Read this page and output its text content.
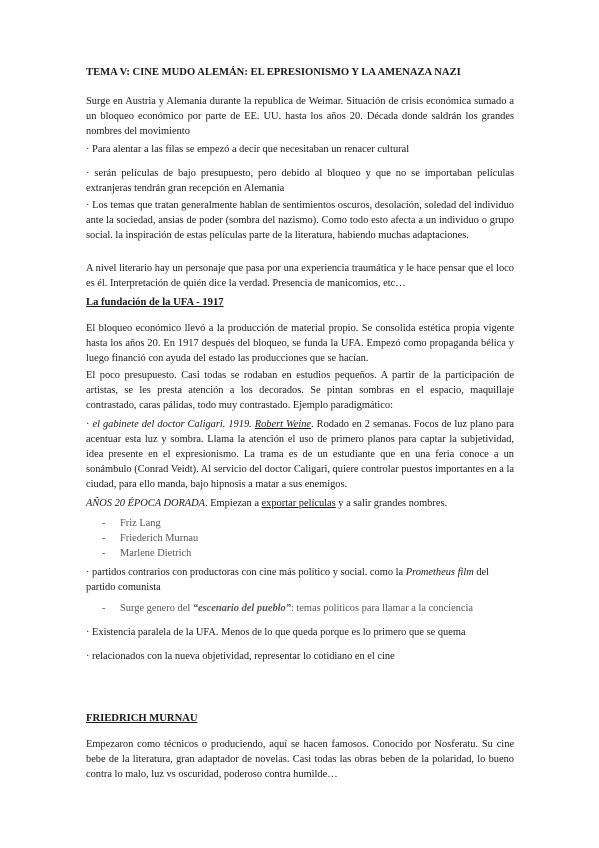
TEMA V: CINE MUDO ALEMÁN: EL EPRESIONISMO Y LA AMENAZA NAZI

Surge en Austria y Alemania durante la republica de Weimar. Situación de crisis económica sumado a un bloqueo económico por parte de EE. UU. hasta los años 20. Década donde saldrán los grandes nombres del movimiento

· Para alentar a las filas se empezó a decir que necesitaban un renacer cultural

· serán películas de bajo presupuesto, pero debido al bloqueo y que no se importaban películas extranjeras tendrán gran recepción en Alemania

· Los temas que tratan generalmente hablan de sentimientos oscuros, desolación, soledad del individuo ante la sociedad, ansias de poder (sombra del nazismo). Como todo esto afecta a un individuo o grupo social. la inspiración de estas películas parte de la literatura, habiendo muchas adaptaciones.

A nivel literario hay un personaje que pasa por una experiencia traumática y le hace pensar que el loco es él. Interpretación de quién dice la verdad. Presencia de manicomios, etc…

La fundación de la UFA - 1917

El bloqueo económico llevó a la producción de material propio. Se consolida estética propia vigente hasta los años 20. En 1917 después del bloqueo, se funda la UFA. Empezó como propaganda bélica y luego financió con ayuda del estado las producciones que se hacían.

El poco presupuesto. Casi todas se rodaban en estudios pequeños. A partir de la participación de artistas, se les presta atención a los decorados. Se pintan sombras en el espacio, maquillaje contrastado, caras pálidas, todo muy contrastado. Ejemplo paradigmático:

· el gabinete del doctor Caligari. 1919. Robert Weine. Rodado en 2 semanas. Focos de luz plano para acentuar esta luz y sombra. Llama la atención el uso de primero planos para captar la subjetividad, idea presente en el expresionismo. La trama es de un estudiante que en una feria conoce a un sonámbulo (Conrad Veidt). Al servicio del doctor Caligari, quiere controlar puestos importantes en a la ciudad, para ello manda, bajo hipnosis a matar a sus enemigos.

AÑOS 20 ÉPOCA DORADA. Empiezan a exportar películas y a salir grandes nombres.

- Friz Lang
- Friederich Murnau
- Marlene Dietrich

· partidos contrarios con productoras con cine más político y social. como la Prometheus film del partido comunista

- Surge genero del “escenario del pueblo”: temas políticos para llamar a la conciencia

· Existencia paralela de la UFA. Menos de lo que queda porque es lo primero que se quema

· relacionados con la nueva objetividad, representar lo cotidiano en el cine

FRIEDRICH MURNAU

Empezaron como técnicos o produciendo, aquí se hacen famosos. Conocido por Nosferatu. Su cine bebe de la literatura, gran adaptador de novelas. Casi todas las obras beben de la polaridad, lo bueno contra lo malo, luz vs oscuridad, poderoso contra humilde…
